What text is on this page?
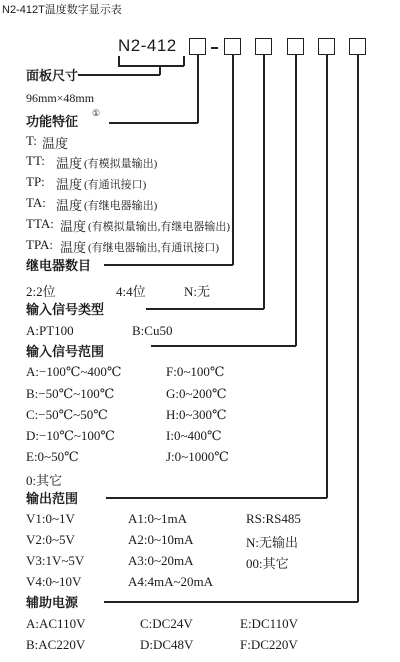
N2-412T温度数字显示表
N2-412
面板尺寸
96mm×48mm
功能特征
①
T: 温度
TT: 温度 (有模拟量输出)
TP: 温度 (有通讯接口)
TA: 温度 (有继电器输出)
TTA: 温度 (有模拟量输出,有继电器输出)
TPA: 温度 (有继电器输出,有通讯接口)
继电器数目
2:2位	4:4位	N:无
输入信号类型
A:PT100	B:Cu50
输入信号范围
A:−100℃~400℃	F:0~100℃
B:−50℃~100℃	G:0~200℃
C:−50℃~50℃	H:0~300℃
D:−10℃~100℃	I:0~400℃
E:0~50℃	J:0~1000℃
0:其它
输出范围
V1:0~1V	A1:0~1mA	RS:RS485
V2:0~5V	A2:0~10mA	N:无输出
V3:1V~5V	A3:0~20mA	00:其它
V4:0~10V	A4:4mA~20mA
辅助电源
A:AC110V	C:DC24V	E:DC110V
B:AC220V	D:DC48V	F:DC220V
